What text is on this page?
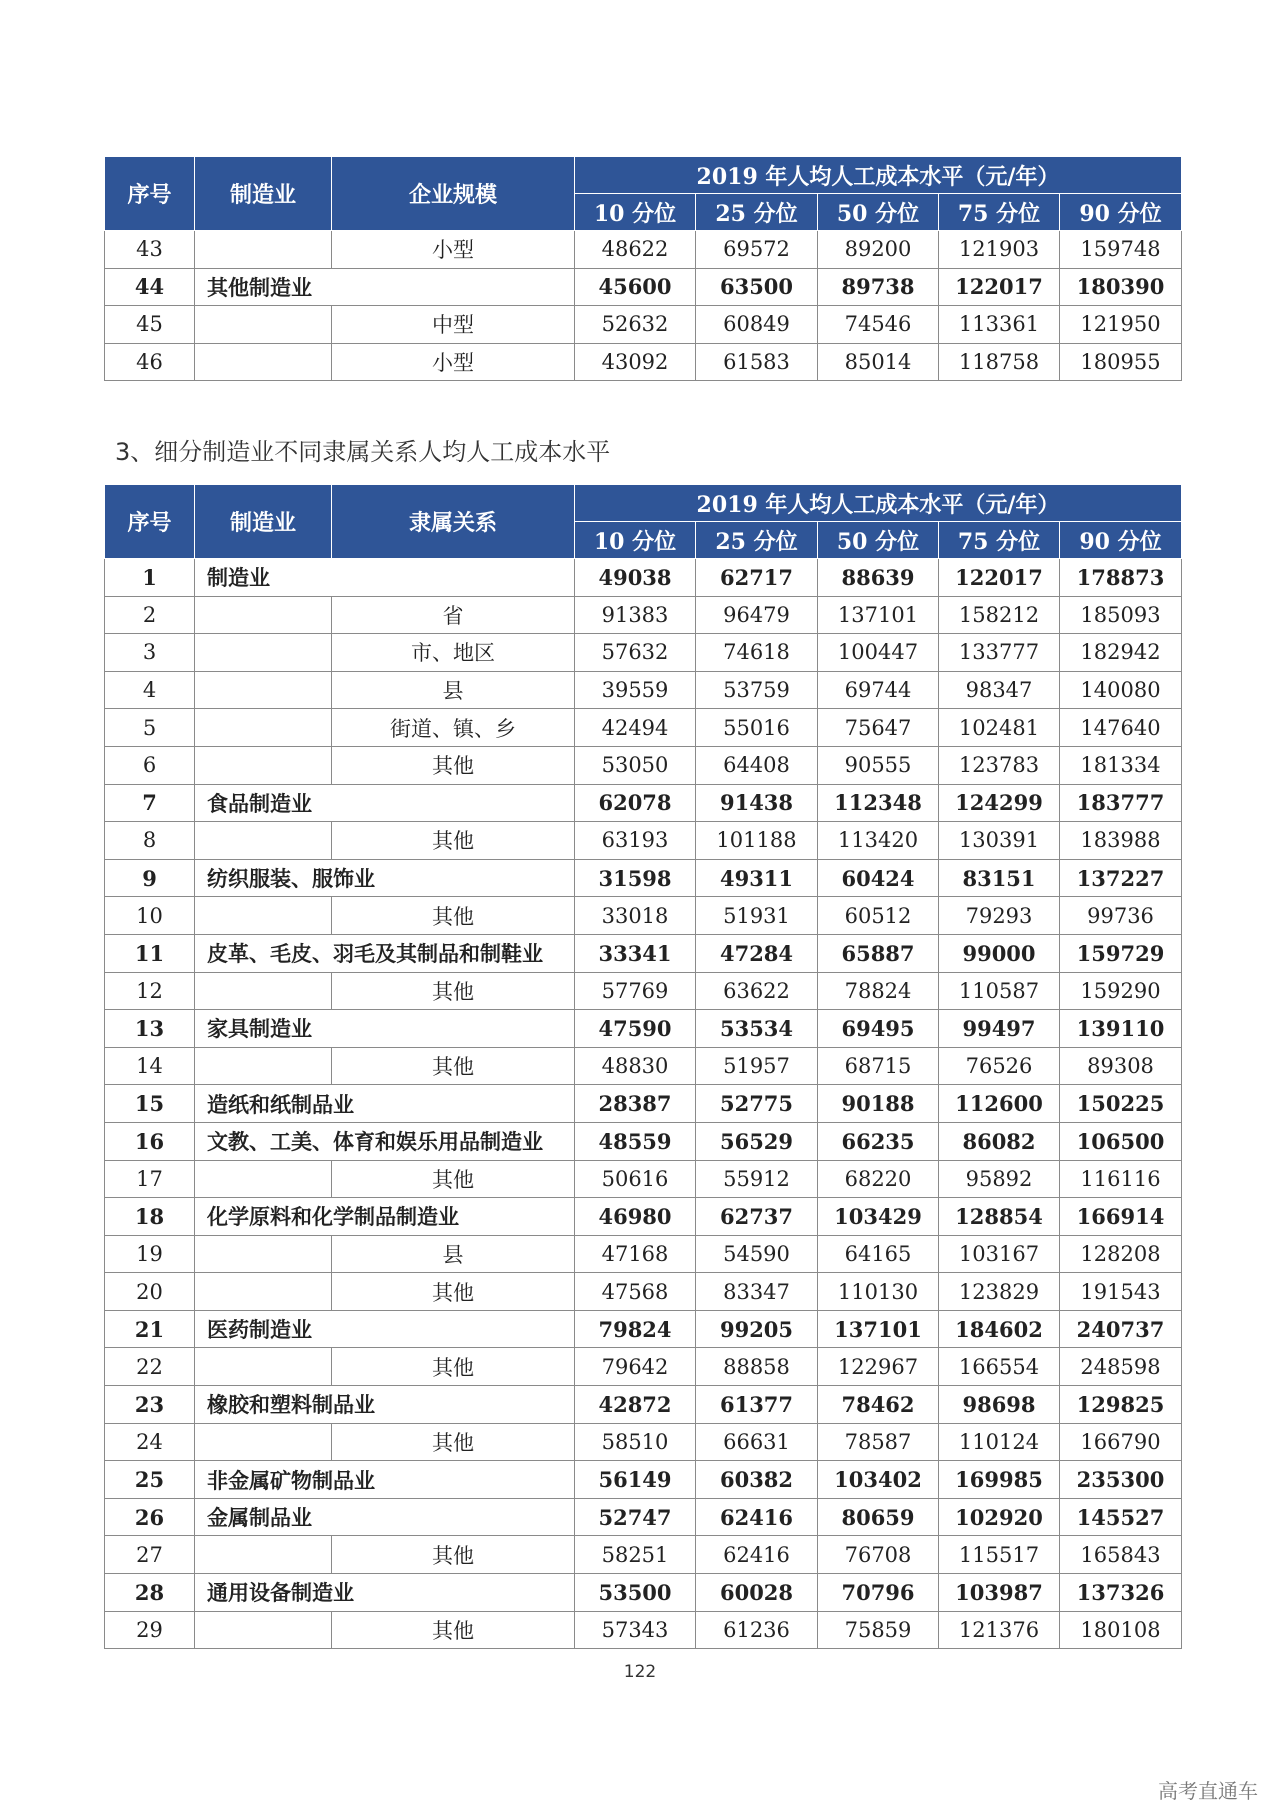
序号	制造业	企业规模	2019 年人均人工成本水平（元/年）				
			10 分位	25 分位	50 分位	75 分位	90 分位
43		小型	48622	69572	89200	121903	159748
44	其他制造业		45600	63500	89738	122017	180390
45		中型	52632	60849	74546	113361	121950
46		小型	43092	61583	85014	118758	180955
3、细分制造业不同隶属关系人均人工成本水平
序号	制造业	隶属关系	2019 年人均人工成本水平（元/年）				
			10 分位	25 分位	50 分位	75 分位	90 分位
1	制造业		49038	62717	88639	122017	178873
2		省	91383	96479	137101	158212	185093
3		市、地区	57632	74618	100447	133777	182942
4		县	39559	53759	69744	98347	140080
5		街道、镇、乡	42494	55016	75647	102481	147640
6		其他	53050	64408	90555	123783	181334
7	食品制造业		62078	91438	112348	124299	183777
8		其他	63193	101188	113420	130391	183988
9	纺织服装、服饰业		31598	49311	60424	83151	137227
10		其他	33018	51931	60512	79293	99736
11	皮革、毛皮、羽毛及其制品和制鞋业		33341	47284	65887	99000	159729
12		其他	57769	63622	78824	110587	159290
13	家具制造业		47590	53534	69495	99497	139110
14		其他	48830	51957	68715	76526	89308
15	造纸和纸制品业		28387	52775	90188	112600	150225
16	文教、工美、体育和娱乐用品制造业		48559	56529	66235	86082	106500
17		其他	50616	55912	68220	95892	116116
18	化学原料和化学制品制造业		46980	62737	103429	128854	166914
19		县	47168	54590	64165	103167	128208
20		其他	47568	83347	110130	123829	191543
21	医药制造业		79824	99205	137101	184602	240737
22		其他	79642	88858	122967	166554	248598
23	橡胶和塑料制品业		42872	61377	78462	98698	129825
24		其他	58510	66631	78587	110124	166790
25	非金属矿物制品业		56149	60382	103402	169985	235300
26	金属制品业		52747	62416	80659	102920	145527
27		其他	58251	62416	76708	115517	165843
28	通用设备制造业		53500	60028	70796	103987	137326
29		其他	57343	61236	75859	121376	180108
122
高考直通车
